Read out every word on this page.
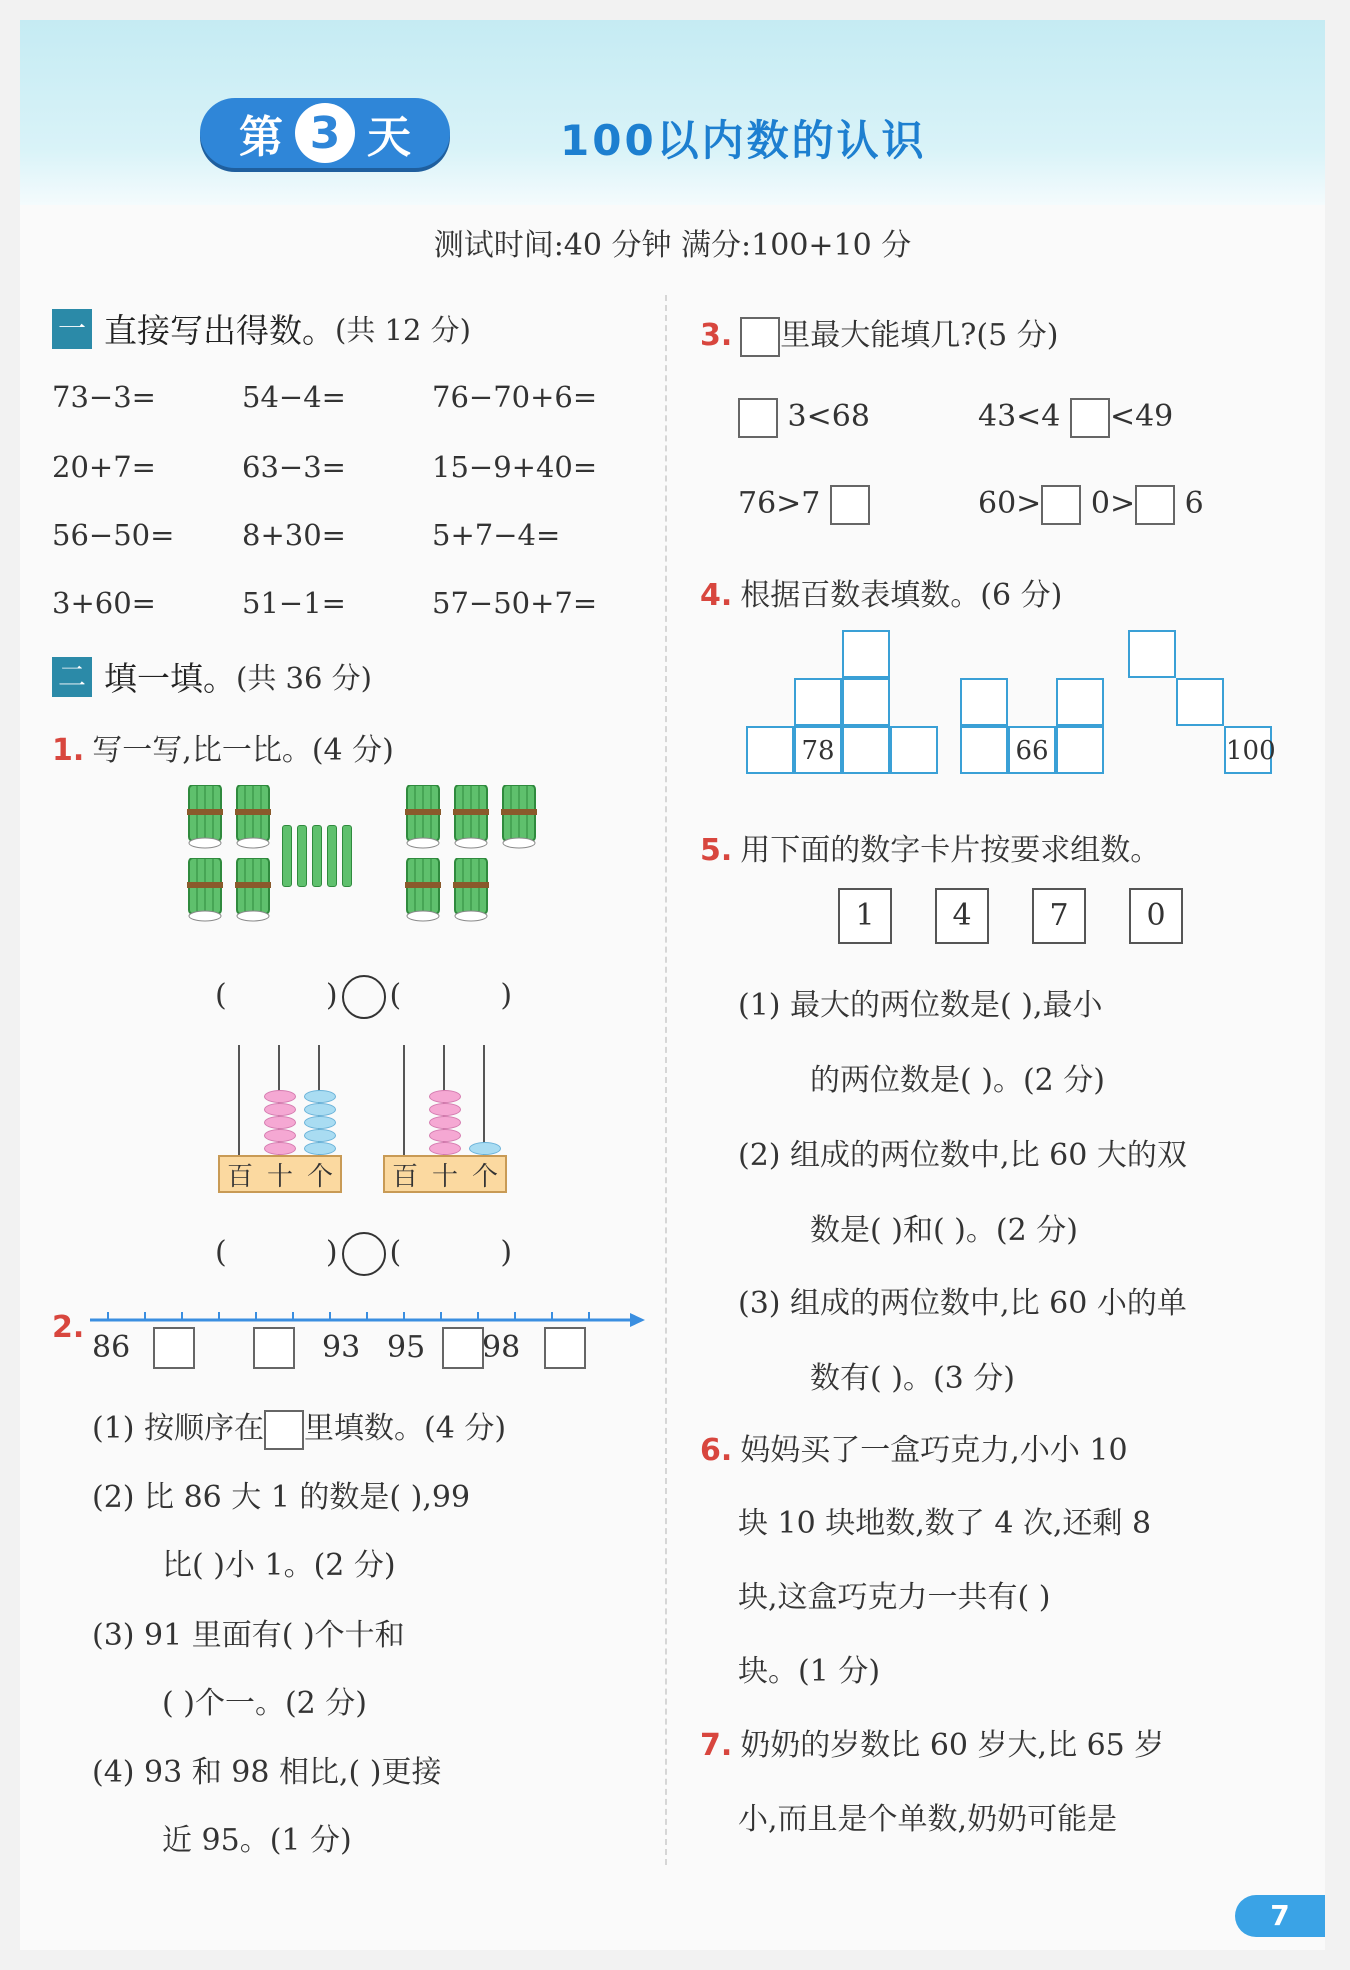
第 3 天	100以内数的认识
测试时间:40 分钟 满分:100+10 分
一 直接写出得数。 (共 12 分)
73−3=	54−4=	76−70+6=
20+7=	63−3=	15−9+40=
56−50= 8+30=	5+7−4=
3+60=	51−1=	57−50+7=
二 填一填。 (共 36 分)
1. 写一写,比一比。(4 分)
(	) (	)
百 十 个 百 十 个
(	) (	)
2.
86	93 95 98
(1) 按顺序在 里填数。(4 分)
(2) 比 86 大 1 的数是( ),99
比( )小 1。(2 分)
(3) 91 里面有( )个十和
( )个一。(2 分)
(4) 93 和 98 相比,( )更接
近 95。(1 分)
3. 里最大能填几?(5 分)
3<68	43<4 <49
76>7	60> 0> 6
4. 根据百数表填数。(6 分)
78	66	100
5. 用下面的数字卡片按要求组数。
1	4	7	0
(1) 最大的两位数是( ),最小
的两位数是( )。(2 分)
(2) 组成的两位数中,比 60 大的双
数是( )和( )。(2 分)
(3) 组成的两位数中,比 60 小的单
数有( )。(3 分)
6. 妈妈买了一盒巧克力,小小 10
块 10 块地数,数了 4 次,还剩 8
块,这盒巧克力一共有( )
块。(1 分)
7. 奶奶的岁数比 60 岁大,比 65 岁
小,而且是个单数,奶奶可能是
7
